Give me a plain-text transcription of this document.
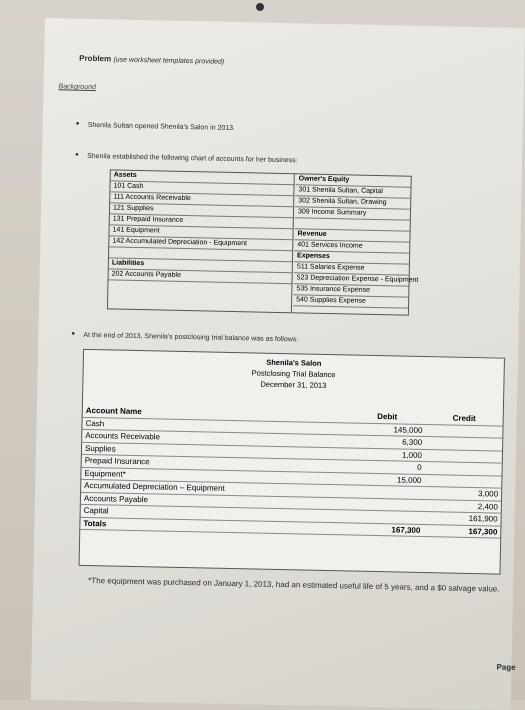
Problem (use worksheet templates provided)
Background
• Shenila Sultan opened Shenila's Salon in 2013.
• Shenila established the following chart of accounts for her business:
Assets
101 Cash
111 Accounts Receivable
121 Supplies
131 Prepaid Insurance
141 Equipment
142 Accumulated Depreciation - Equipment
Liabilities
202 Accounts Payable
Owner's Equity
301 Shenila Sultan, Capital
302 Shenila Sultan, Drawing
309 Income Summary
Revenue
401 Services Income
Expenses
511 Salaries Expense
523 Depreciation Expense - Equipment
535 Insurance Expense
540 Supplies Expense
• At the end of 2013, Shenila's postclosing trial balance was as follows:
Shenila's Salon
Postclosing Trial Balance
December 31, 2013
Account Name	Debit	Credit
Cash	145,000	
Accounts Receivable	6,300	
Supplies	1,000	
Prepaid Insurance	0	
Equipment*	15,000	
Accumulated Depreciation – Equipment		3,000
Accounts Payable		2,400
Capital		161,900
Totals	167,300	167,300
*The equipment was purchased on January 1, 2013, had an estimated useful life of 5 years, and a $0 salvage value.
Page
